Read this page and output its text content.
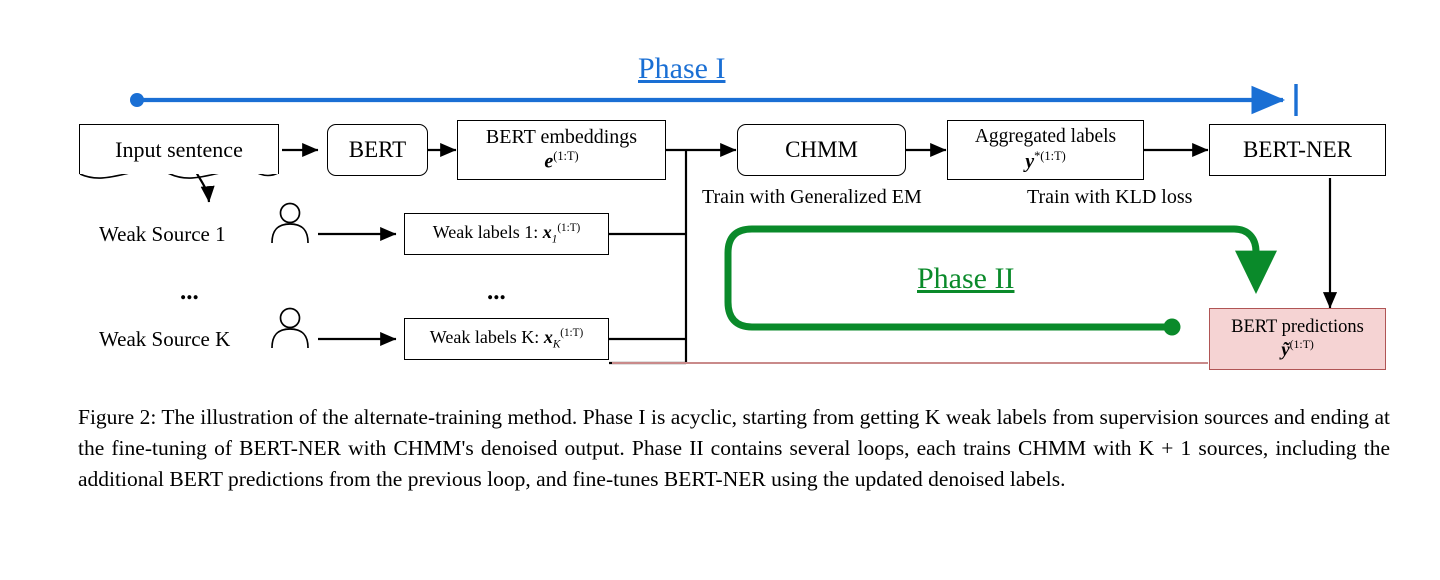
Phase I
Phase II
Input sentence	BERT	BERT embeddings
$e^{(1:T)}$	CHMM	Aggregated labels
$y^{*(1:T)}$	BERT-NER
Weak labels 1: $x_1^{(1:T)}$
Weak labels K: $x_K^{(1:T)}$	BERT predictions
ỹ$^{(1:T)}$
Weak Source 1
Weak Source K
...	...
Train with Generalized EM	Train with KLD loss
Figure 2: The illustration of the alternate-training method. Phase I is acyclic, starting from getting K weak labels from supervision sources and ending at the fine-tuning of BERT-NER with CHMM's denoised output. Phase II contains several loops, each trains CHMM with K + 1 sources, including the additional BERT predictions from the previous loop, and fine-tunes BERT-NER using the updated denoised labels.
